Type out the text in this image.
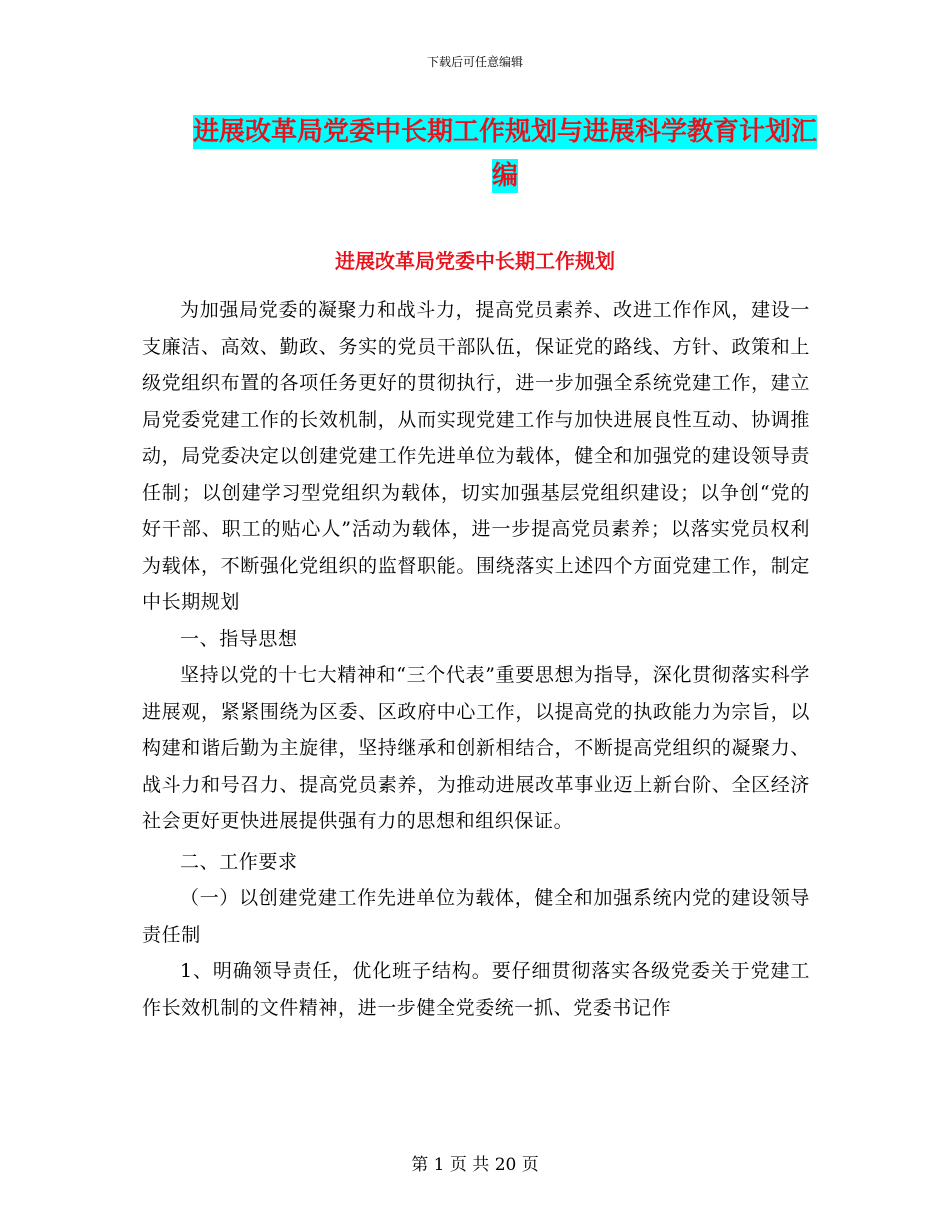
下载后可任意编辑
进展改革局党委中长期工作规划与进展科学教育计划汇编
进展改革局党委中长期工作规划

为加强局党委的凝聚力和战斗力，提高党员素养、改进工作作风，建设一支廉洁、高效、勤政、务实的党员干部队伍，保证党的路线、方针、政策和上级党组织布置的各项任务更好的贯彻执行，进一步加强全系统党建工作，建立局党委党建工作的长效机制，从而实现党建工作与加快进展良性互动、协调推动，局党委决定以创建党建工作先进单位为载体，健全和加强党的建设领导责任制；以创建学习型党组织为载体，切实加强基层党组织建设；以争创“党的好干部、职工的贴心人”活动为载体，进一步提高党员素养；以落实党员权利为载体，不断强化党组织的监督职能。围绕落实上述四个方面党建工作，制定中长期规划

一、指导思想

坚持以党的十七大精神和“三个代表”重要思想为指导，深化贯彻落实科学进展观，紧紧围绕为区委、区政府中心工作，以提高党的执政能力为宗旨，以构建和谐后勤为主旋律，坚持继承和创新相结合，不断提高党组织的凝聚力、战斗力和号召力、提高党员素养，为推动进展改革事业迈上新台阶、全区经济社会更好更快进展提供强有力的思想和组织保证。

二、工作要求

（一）以创建党建工作先进单位为载体，健全和加强系统内党的建设领导责任制

1、明确领导责任，优化班子结构。要仔细贯彻落实各级党委关于党建工作长效机制的文件精神，进一步健全党委统一抓、党委书记作

第 1 页 共 20 页
